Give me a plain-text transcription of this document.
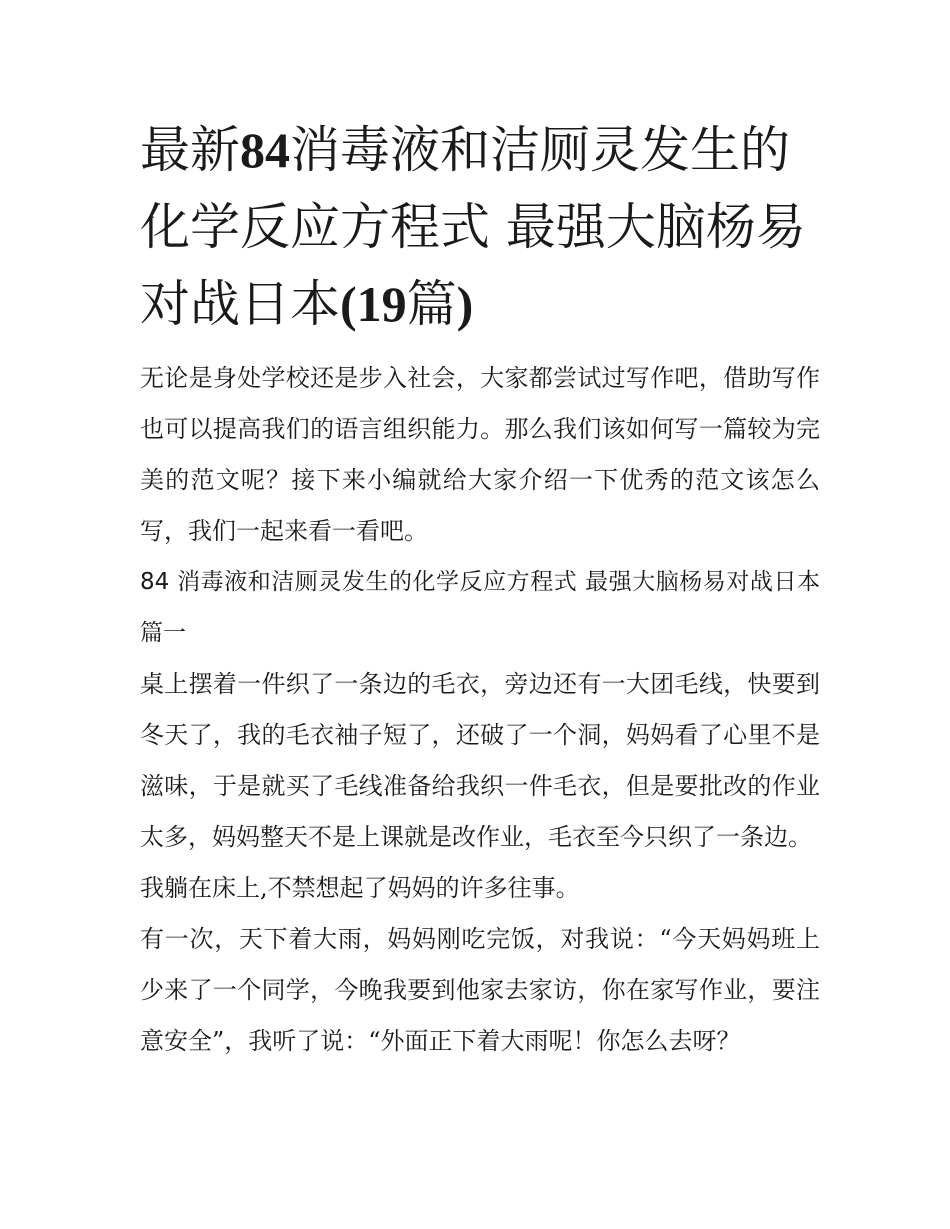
最新84消毒液和洁厕灵发生的化学反应方程式 最强大脑杨易对战日本(19篇)

无论是身处学校还是步入社会，大家都尝试过写作吧，借助写作也可以提高我们的语言组织能力。那么我们该如何写一篇较为完美的范文呢？接下来小编就给大家介绍一下优秀的范文该怎么写，我们一起来看一看吧。

84 消毒液和洁厕灵发生的化学反应方程式 最强大脑杨易对战日本篇一

桌上摆着一件织了一条边的毛衣，旁边还有一大团毛线，快要到冬天了，我的毛衣袖子短了，还破了一个洞，妈妈看了心里不是滋味，于是就买了毛线准备给我织一件毛衣，但是要批改的作业太多，妈妈整天不是上课就是改作业，毛衣至今只织了一条边。

我躺在床上,不禁想起了妈妈的许多往事。

有一次，天下着大雨，妈妈刚吃完饭，对我说：“今天妈妈班上少来了一个同学，今晚我要到他家去家访，你在家写作业，要注意安全”，我听了说：“外面正下着大雨呢！你怎么去呀？
